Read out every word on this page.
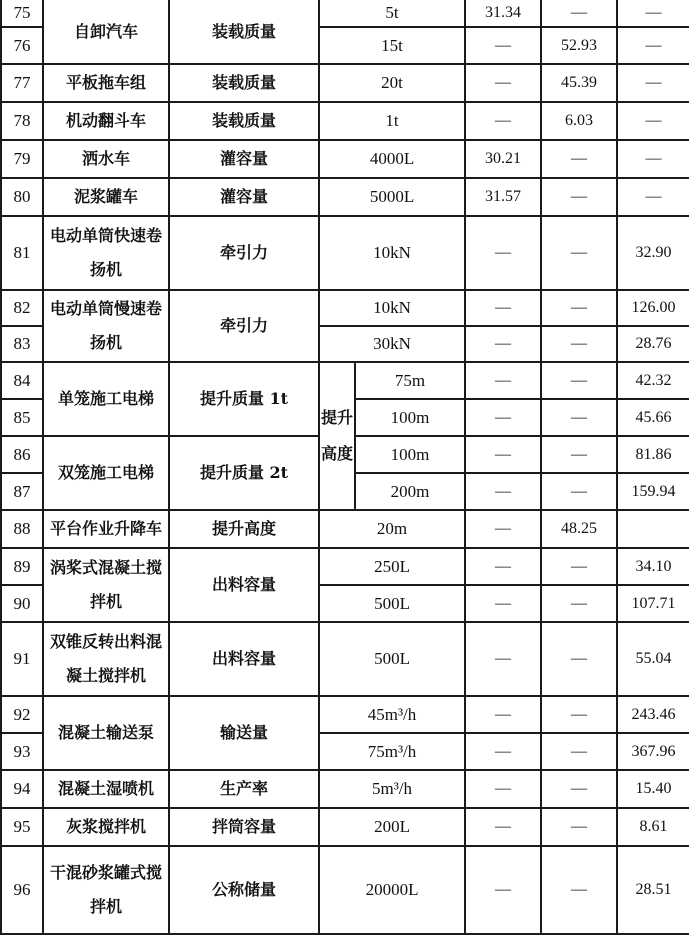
75	自卸汽车	装载质量	5t		31.34	—	—
76			15t		—	52.93	—
77	平板拖车组	装载质量	20t		—	45.39	—
78	机动翻斗车	装载质量	1t		—	6.03	—
79	洒水车	灌容量	4000L		30.21	—	—
80	泥浆罐车	灌容量	5000L		31.57	—	—
81	电动单筒快速卷扬机	牵引力	10kN		—	—	32.90
82	电动单筒慢速卷扬机	牵引力	10kN		—	—	126.00
83			30kN		—	—	28.76
84	单笼施工电梯	提升质量 1t	提升高度	75m	—	—	42.32
85				100m	—	—	45.66
86	双笼施工电梯	提升质量 2t		100m	—	—	81.86
87				200m	—	—	159.94
88	平台作业升降车	提升高度	20m		—	48.25	
89	涡桨式混凝土搅拌机	出料容量	250L		—	—	34.10
90			500L		—	—	107.71
91	双锥反转出料混凝土搅拌机	出料容量	500L		—	—	55.04
92	混凝土输送泵	输送量	45m³/h		—	—	243.46
93			75m³/h		—	—	367.96
94	混凝土湿喷机	生产率	5m³/h		—	—	15.40
95	灰浆搅拌机	拌筒容量	200L		—	—	8.61
96	干混砂浆罐式搅拌机	公称储量	20000L		—	—	28.51
